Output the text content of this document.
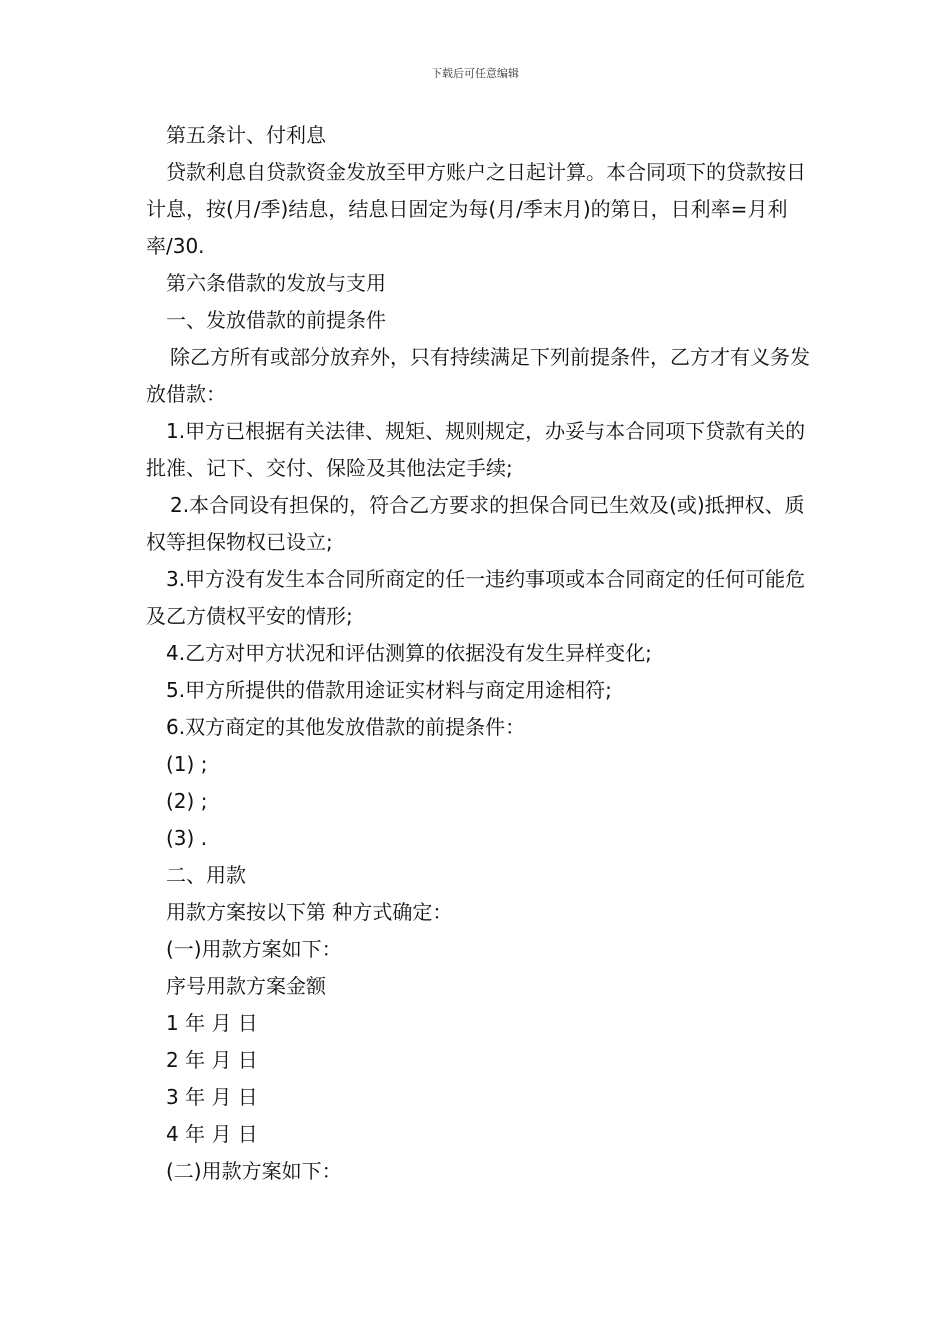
下载后可任意编辑

第五条计、付利息

贷款利息自贷款资金发放至甲方账户之日起计算。本合同项下的贷款按日计息，按(月/季)结息，结息日固定为每(月/季末月)的第日，日利率=月利率/30.

第六条借款的发放与支用

一、发放借款的前提条件

除乙方所有或部分放弃外，只有持续满足下列前提条件，乙方才有义务发放借款：

1.甲方已根据有关法律、规矩、规则规定，办妥与本合同项下贷款有关的批准、记下、交付、保险及其他法定手续;

2.本合同设有担保的，符合乙方要求的担保合同已生效及(或)抵押权、质权等担保物权已设立;

3.甲方没有发生本合同所商定的任一违约事项或本合同商定的任何可能危及乙方债权平安的情形;

4.乙方对甲方状况和评估测算的依据没有发生异样变化;

5.甲方所提供的借款用途证实材料与商定用途相符;

6.双方商定的其他发放借款的前提条件：

(1) ;

(2) ;

(3) .

二、用款

用款方案按以下第 种方式确定：

(一)用款方案如下：

序号用款方案金额

1 年 月 日

2 年 月 日

3 年 月 日

4 年 月 日

(二)用款方案如下：
